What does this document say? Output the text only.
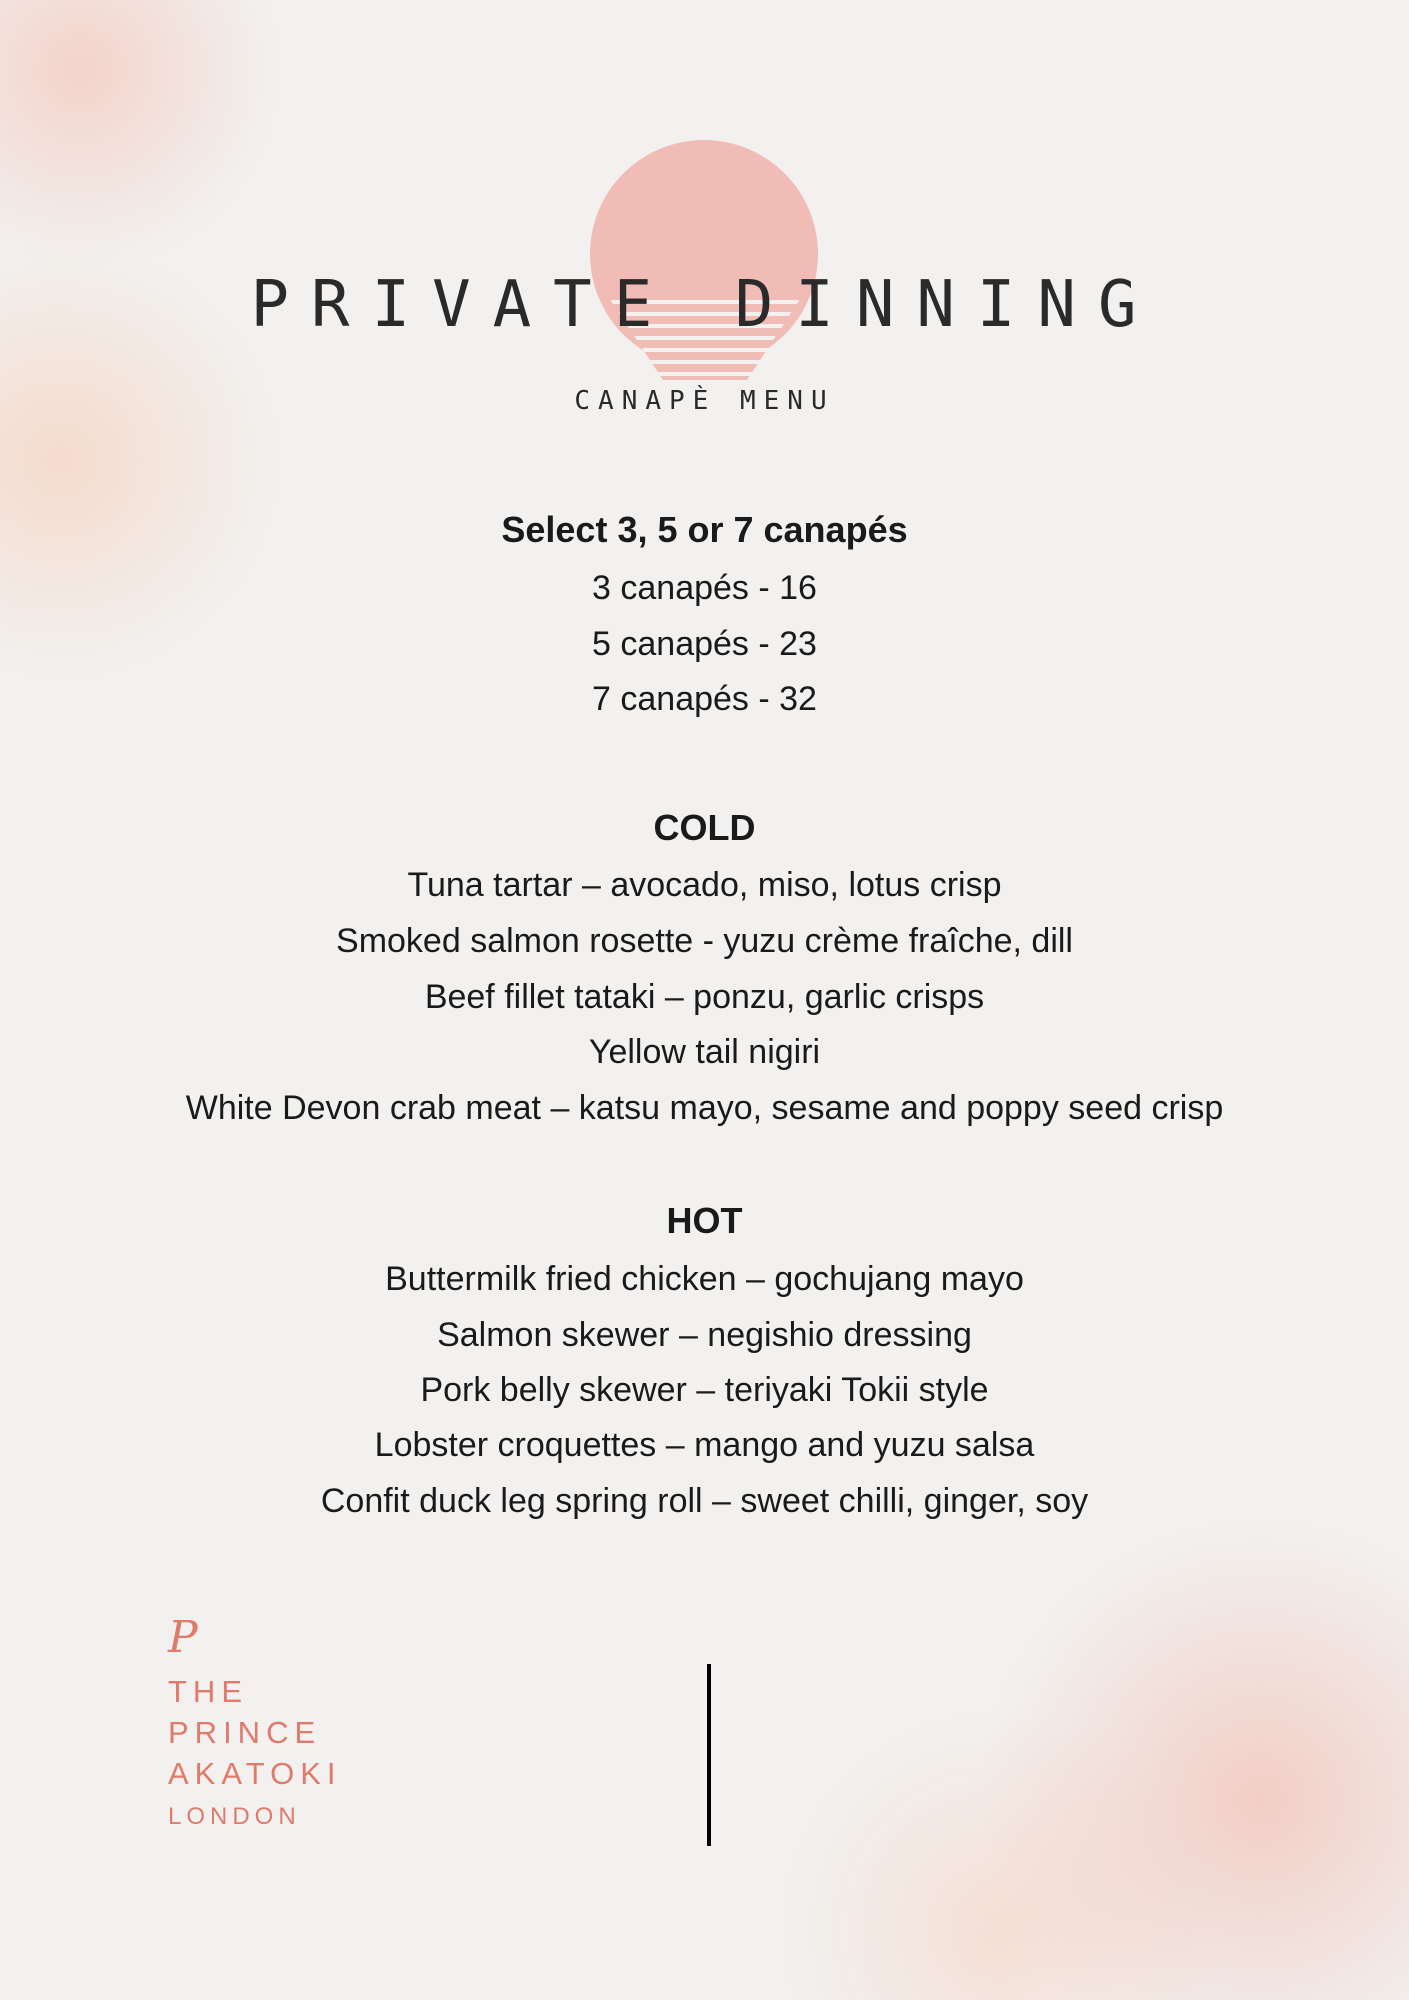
PRIVATE DINNING
CANAPÈ MENU
Select 3, 5 or 7 canapés
3 canapés - 16
5 canapés - 23
7 canapés - 32
COLD
Tuna tartar – avocado, miso, lotus crisp
Smoked salmon rosette - yuzu crème fraîche, dill
Beef fillet tataki – ponzu, garlic crisps
Yellow tail nigiri
White Devon crab meat – katsu mayo, sesame and poppy seed crisp
HOT
Buttermilk fried chicken – gochujang mayo
Salmon skewer – negishio dressing
Pork belly skewer – teriyaki Tokii style
Lobster croquettes – mango and yuzu salsa
Confit duck leg spring roll – sweet chilli, ginger, soy
P
THE
PRINCE
AKATOKI
LONDON
